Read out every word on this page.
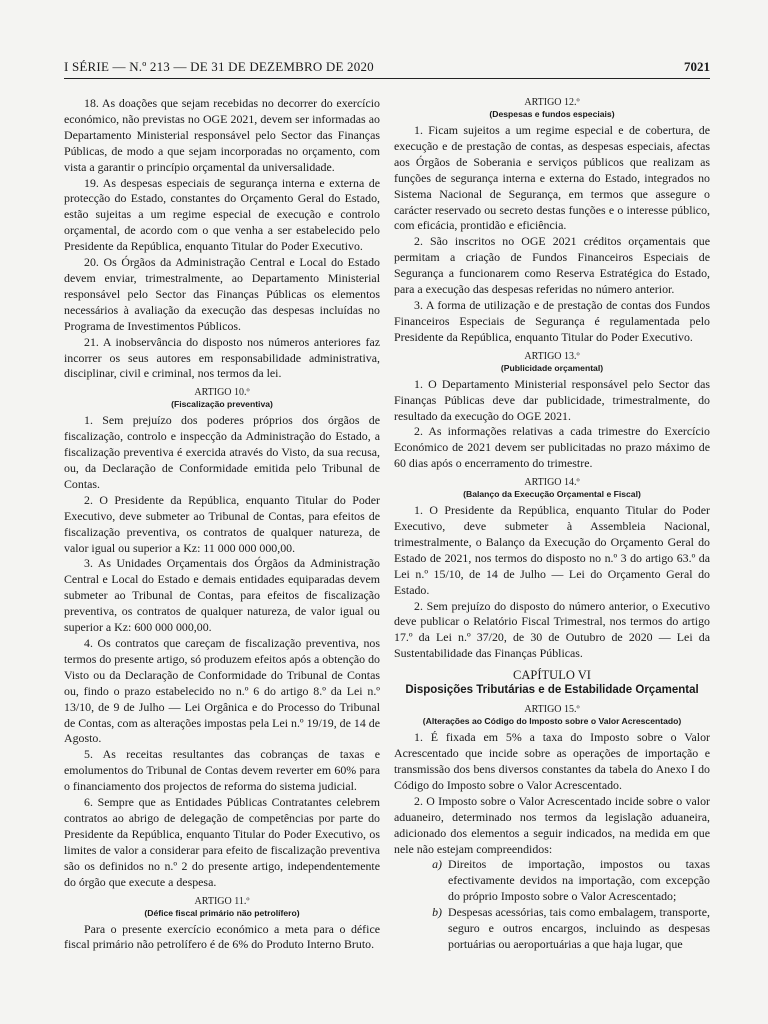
I SÉRIE — N.º 213 — DE 31 DE DEZEMBRO DE 2020	7021

18. As doações que sejam recebidas no decorrer do exercício económico, não previstas no OGE 2021, devem ser informadas ao Departamento Ministerial responsável pelo Sector das Finanças Públicas, de modo a que sejam incorporadas no orçamento, com vista a garantir o princípio orçamental da universalidade.

19. As despesas especiais de segurança interna e externa de protecção do Estado, constantes do Orçamento Geral do Estado, estão sujeitas a um regime especial de execução e controlo orçamental, de acordo com o que venha a ser estabelecido pelo Presidente da República, enquanto Titular do Poder Executivo.

20. Os Órgãos da Administração Central e Local do Estado devem enviar, trimestralmente, ao Departamento Ministerial responsável pelo Sector das Finanças Públicas os elementos necessários à avaliação da execução das despesas incluídas no Programa de Investimentos Públicos.

21. A inobservância do disposto nos números anteriores faz incorrer os seus autores em responsabilidade administrativa, disciplinar, civil e criminal, nos termos da lei.

ARTIGO 10.º
(Fiscalização preventiva)

1. Sem prejuízo dos poderes próprios dos órgãos de fiscalização, controlo e inspecção da Administração do Estado, a fiscalização preventiva é exercida através do Visto, da sua recusa, ou, da Declaração de Conformidade emitida pelo Tribunal de Contas.

2. O Presidente da República, enquanto Titular do Poder Executivo, deve submeter ao Tribunal de Contas, para efeitos de fiscalização preventiva, os contratos de qualquer natureza, de valor igual ou superior a Kz: 11 000 000 000,00.

3. As Unidades Orçamentais dos Órgãos da Administração Central e Local do Estado e demais entidades equiparadas devem submeter ao Tribunal de Contas, para efeitos de fiscalização preventiva, os contratos de qualquer natureza, de valor igual ou superior a Kz: 600 000 000,00.

4. Os contratos que careçam de fiscalização preventiva, nos termos do presente artigo, só produzem efeitos após a obtenção do Visto ou da Declaração de Conformidade do Tribunal de Contas ou, findo o prazo estabelecido no n.º 6 do artigo 8.º da Lei n.º 13/10, de 9 de Julho — Lei Orgânica e do Processo do Tribunal de Contas, com as alterações impostas pela Lei n.º 19/19, de 14 de Agosto.

5. As receitas resultantes das cobranças de taxas e emolumentos do Tribunal de Contas devem reverter em 60% para o financiamento dos projectos de reforma do sistema judicial.

6. Sempre que as Entidades Públicas Contratantes celebrem contratos ao abrigo de delegação de competências por parte do Presidente da República, enquanto Titular do Poder Executivo, os limites de valor a considerar para efeito de fiscalização preventiva são os definidos no n.º 2 do presente artigo, independentemente do órgão que execute a despesa.

ARTIGO 11.º
(Défice fiscal primário não petrolífero)

Para o presente exercício económico a meta para o défice fiscal primário não petrolífero é de 6% do Produto Interno Bruto.

ARTIGO 12.º
(Despesas e fundos especiais)

1. Ficam sujeitos a um regime especial e de cobertura, de execução e de prestação de contas, as despesas especiais, afectas aos Órgãos de Soberania e serviços públicos que realizam as funções de segurança interna e externa do Estado, integrados no Sistema Nacional de Segurança, em termos que assegure o carácter reservado ou secreto destas funções e o interesse público, com eficácia, prontidão e eficiência.

2. São inscritos no OGE 2021 créditos orçamentais que permitam a criação de Fundos Financeiros Especiais de Segurança a funcionarem como Reserva Estratégica do Estado, para a execução das despesas referidas no número anterior.

3. A forma de utilização e de prestação de contas dos Fundos Financeiros Especiais de Segurança é regulamentada pelo Presidente da República, enquanto Titular do Poder Executivo.

ARTIGO 13.º
(Publicidade orçamental)

1. O Departamento Ministerial responsável pelo Sector das Finanças Públicas deve dar publicidade, trimestralmente, do resultado da execução do OGE 2021.

2. As informações relativas a cada trimestre do Exercício Económico de 2021 devem ser publicitadas no prazo máximo de 60 dias após o encerramento do trimestre.

ARTIGO 14.º
(Balanço da Execução Orçamental e Fiscal)

1. O Presidente da República, enquanto Titular do Poder Executivo, deve submeter à Assembleia Nacional, trimestralmente, o Balanço da Execução do Orçamento Geral do Estado de 2021, nos termos do disposto no n.º 3 do artigo 63.º da Lei n.º 15/10, de 14 de Julho — Lei do Orçamento Geral do Estado.

2. Sem prejuízo do disposto do número anterior, o Executivo deve publicar o Relatório Fiscal Trimestral, nos termos do artigo 17.º da Lei n.º 37/20, de 30 de Outubro de 2020 — Lei da Sustentabilidade das Finanças Públicas.

CAPÍTULO VI
Disposições Tributárias e de Estabilidade Orçamental
ARTIGO 15.º
(Alterações ao Código do Imposto sobre o Valor Acrescentado)

1. É fixada em 5% a taxa do Imposto sobre o Valor Acrescentado que incide sobre as operações de importação e transmissão dos bens diversos constantes da tabela do Anexo I do Código do Imposto sobre o Valor Acrescentado.

2. O Imposto sobre o Valor Acrescentado incide sobre o valor aduaneiro, determinado nos termos da legislação aduaneira, adicionado dos elementos a seguir indicados, na medida em que nele não estejam compreendidos:

a) Direitos de importação, impostos ou taxas efectivamente devidos na importação, com excepção do próprio Imposto sobre o Valor Acrescentado;
b) Despesas acessórias, tais como embalagem, transporte, seguro e outros encargos, incluindo as despesas portuárias ou aeroportuárias a que haja lugar, que
